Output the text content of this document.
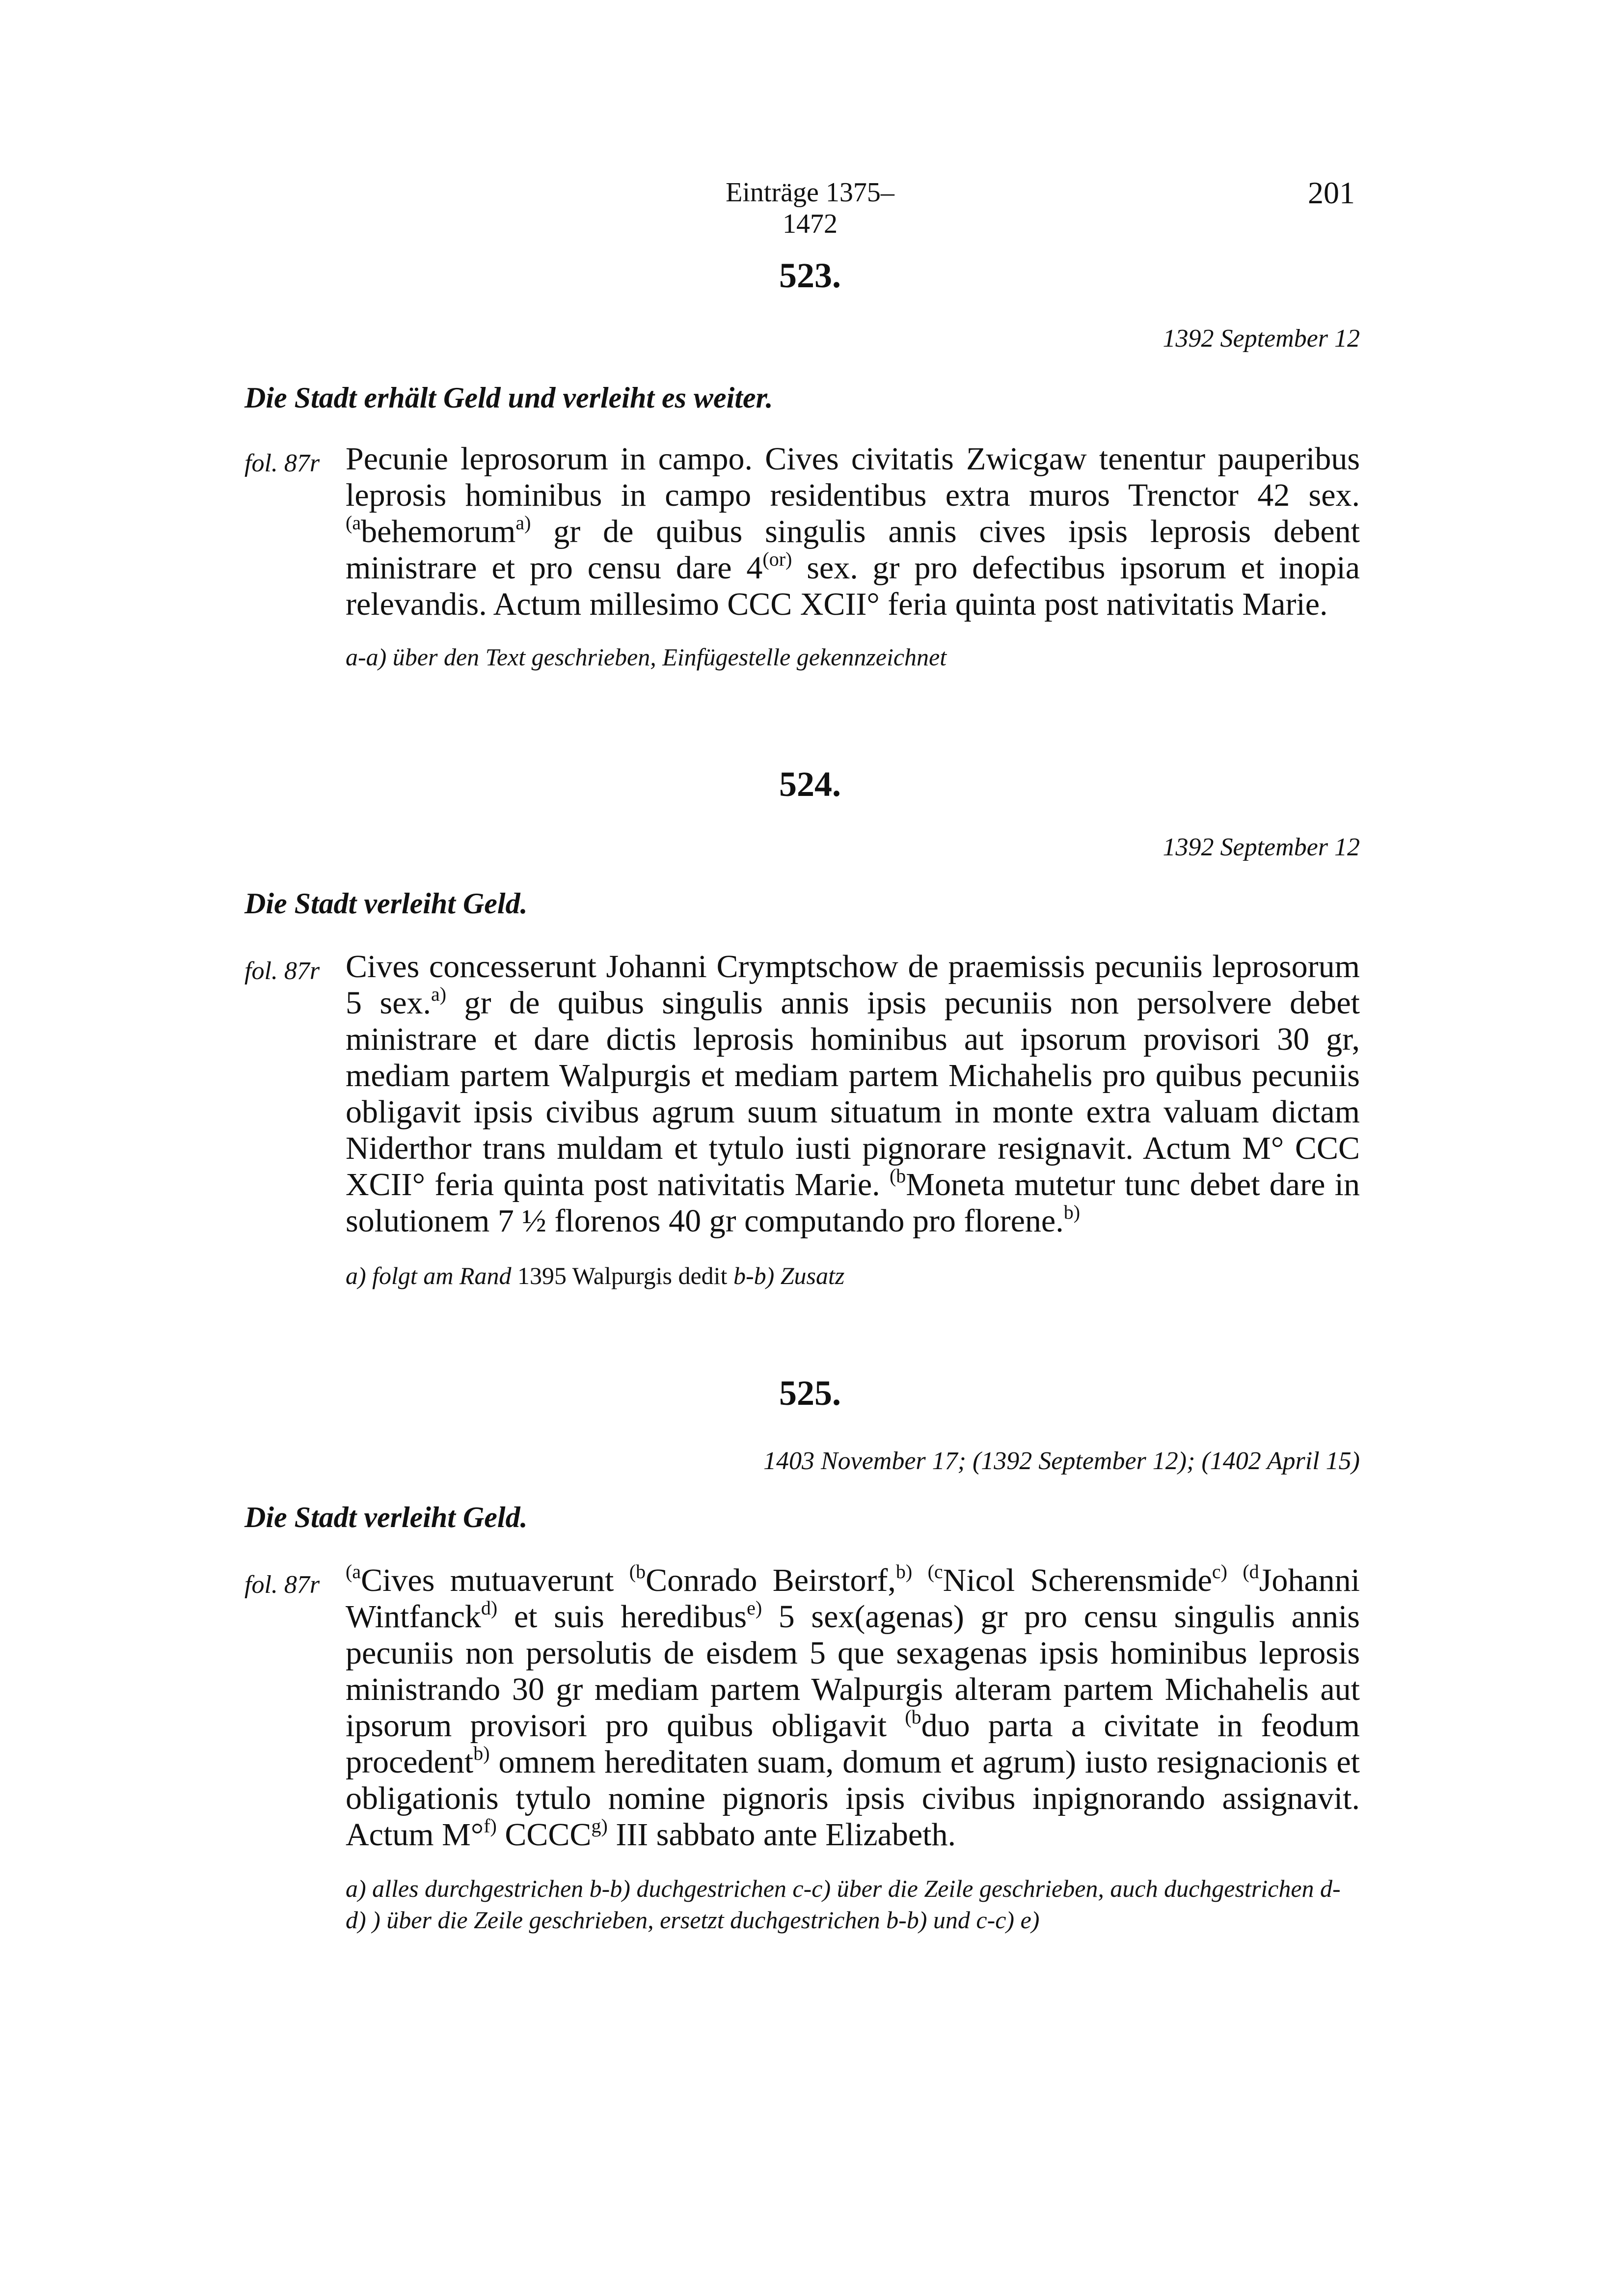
Einträge 1375–1472
201
523.
1392 September 12
Die Stadt erhält Geld und verleiht es weiter.
fol. 87r Pecunie leprosorum in campo. Cives civitatis Zwicgaw tenentur pauperibus leprosis hominibus in campo residentibus extra muros Trenctor 42 sex. $^{(a}$behemorum$^{a)}$ gr de quibus singulis annis cives ipsis leprosis debent ministrare et pro censu dare $4^{(or)}$ sex. gr pro defectibus ipsorum et inopia relevandis. Actum millesimo CCC XCII° feria quinta post nativitatis Marie.

a-a) über den Text geschrieben, Einfügestelle gekennzeichnet

524.
1392 September 12
Die Stadt verleiht Geld.
fol. 87r Cives concesserunt Johanni Crymptschow de praemissis pecuniis leprosorum 5 sex.$^{a)}$ gr de quibus singulis annis ipsis pecuniis non persolvere debet ministrare et dare dictis leprosis hominibus aut ipsorum provisori 30 gr, mediam partem Walpurgis et mediam partem Michahelis pro quibus pecuniis obligavit ipsis civibus agrum suum situatum in monte extra valuam dictam Niderthor trans muldam et tytulo iusti pignorare resignavit. Actum M° CCC XCII° feria quinta post nativitatis Marie. $^{(b}$Moneta mutetur tunc debet dare in solutionem 7 ½ florenos 40 gr computando pro florene.$^{b)}$

a) folgt am Rand 1395 Walpurgis dedit b-b) Zusatz

525.
1403 November 17; (1392 September 12); (1402 April 15)
Die Stadt verleiht Geld.
fol. 87r $^{(a}$Cives mutuaverunt $^{(b}$Conrado Beirstorf,$^{b)}$ $^{(c}$Nicol Scherensmide$^{c)}$ $^{(d}$Johanni Wintfanck$^{d)}$ et suis heredibus$^{e)}$ 5 sex(agenas) gr pro censu singulis annis pecuniis non persolutis de eisdem 5 que sexagenas ipsis hominibus leprosis ministrando 30 gr mediam partem Walpurgis alteram partem Michahelis aut ipsorum provisori pro quibus obligavit $^{(b}$duo parta a civitate in feodum procedent$^{b)}$ omnem hereditaten suam, domum et agrum) iusto resignacionis et obligationis tytulo nomine pignoris ipsis civibus inpignorando assignavit. Actum M°$^{f)}$ CCCC$^{g)}$ III sabbato ante Elizabeth.

a) alles durchgestrichen b-b) duchgestrichen c-c) über die Zeile geschrieben, auch duchgestrichen d-d) ) über die Zeile geschrieben, ersetzt duchgestrichen b-b) und c-c) e)
